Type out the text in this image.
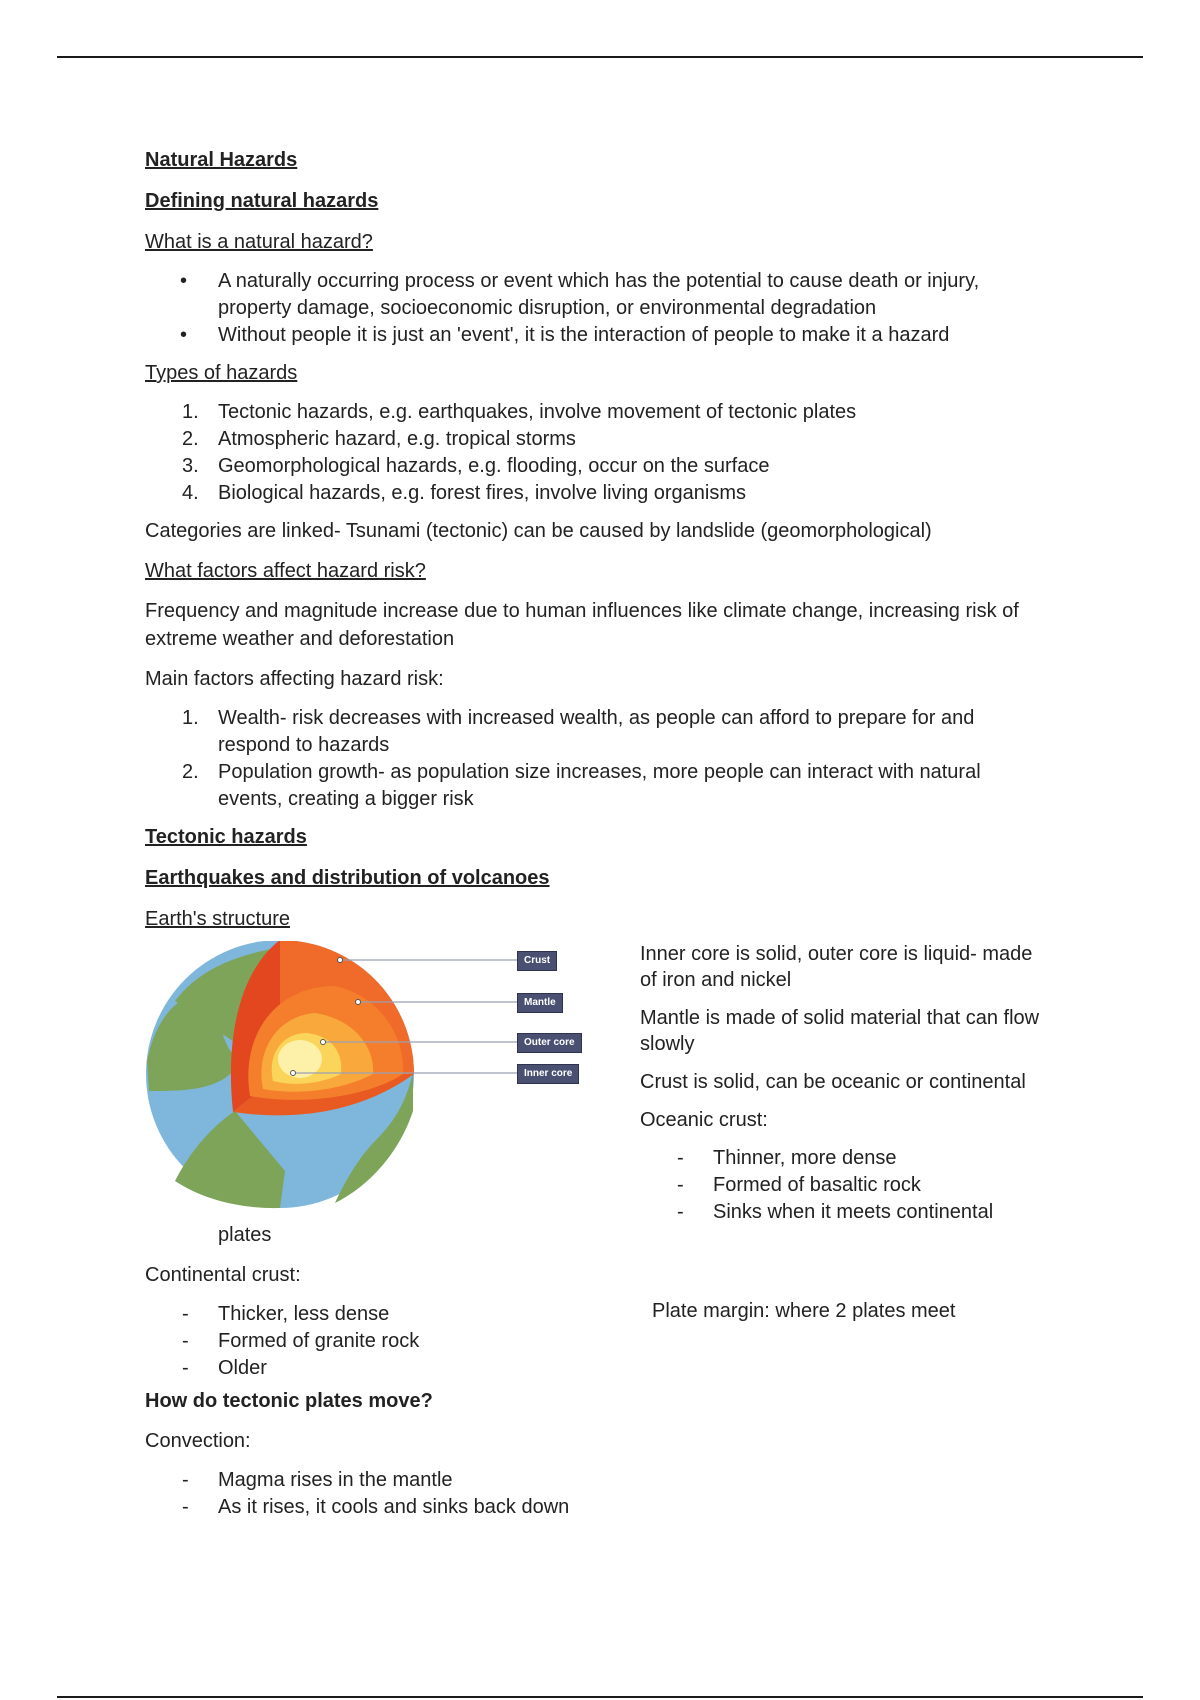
Natural Hazards

Defining natural hazards

What is a natural hazard?

• A naturally occurring process or event which has the potential to cause death or injury, property damage, socioeconomic disruption, or environmental degradation
• Without people it is just an 'event', it is the interaction of people to make it a hazard

Types of hazards

1. Tectonic hazards, e.g. earthquakes, involve movement of tectonic plates
2. Atmospheric hazard, e.g. tropical storms
3. Geomorphological hazards, e.g. flooding, occur on the surface
4. Biological hazards, e.g. forest fires, involve living organisms

Categories are linked- Tsunami (tectonic) can be caused by landslide (geomorphological)

What factors affect hazard risk?

Frequency and magnitude increase due to human influences like climate change, increasing risk of extreme weather and deforestation

Main factors affecting hazard risk:

1. Wealth- risk decreases with increased wealth, as people can afford to prepare for and respond to hazards
2. Population growth- as population size increases, more people can interact with natural events, creating a bigger risk

Tectonic hazards

Earthquakes and distribution of volcanoes

Earth's structure

Crust
Mantle
Outer core
Inner core

Inner core is solid, outer core is liquid- made of iron and nickel

Mantle is made of solid material that can flow slowly

Crust is solid, can be oceanic or continental

Oceanic crust:

- Thinner, more dense
- Formed of basaltic rock
- Sinks when it meets continental

plates

Continental crust:

- Thicker, less dense
- Formed of granite rock
- Older

Plate margin: where 2 plates meet

How do tectonic plates move?

Convection:

- Magma rises in the mantle
- As it rises, it cools and sinks back down
